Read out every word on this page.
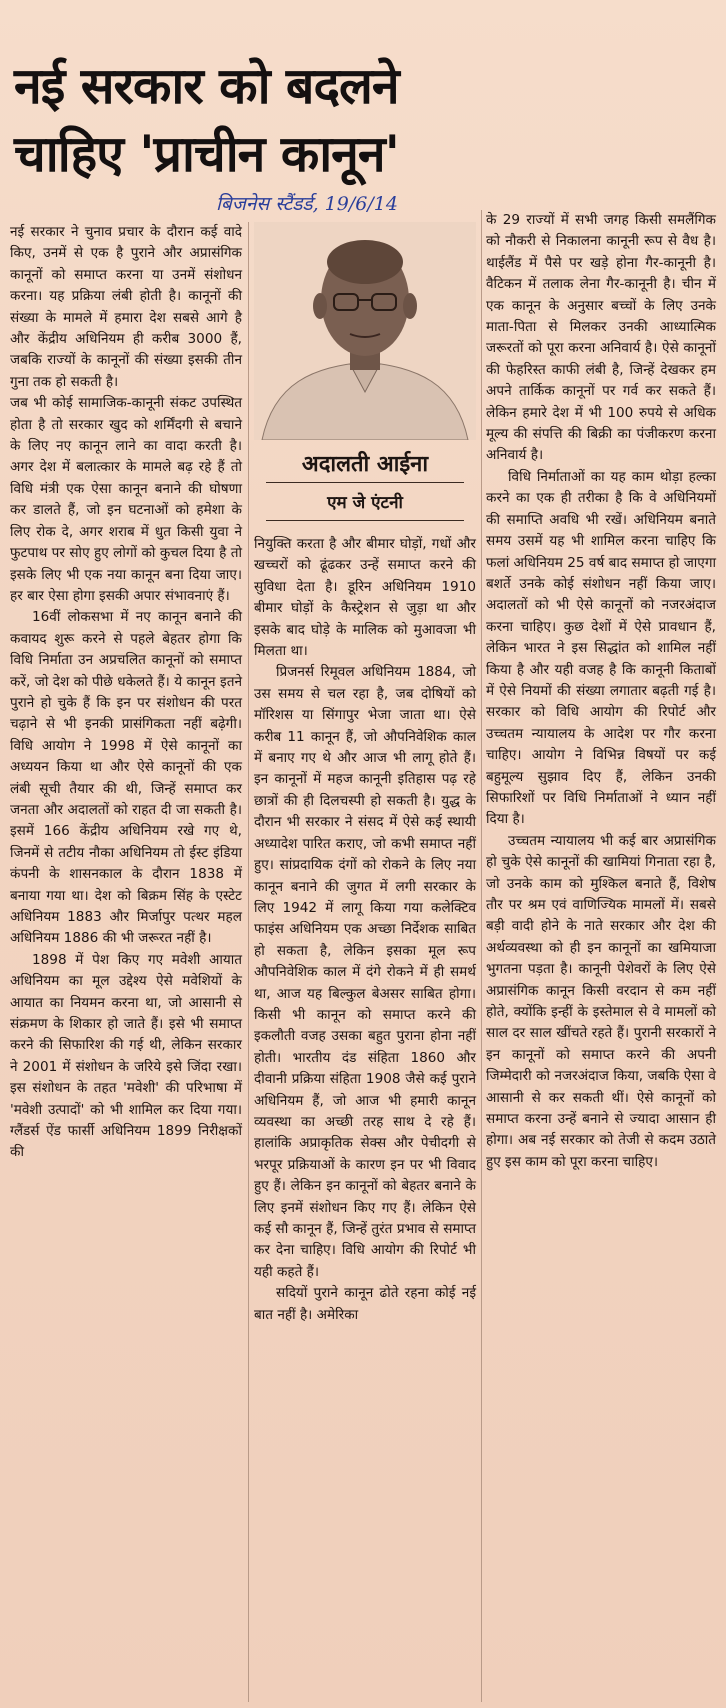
नई सरकार को बदलने
चाहिए 'प्राचीन कानून'
बिजनेस स्टैंडर्ड, 19/6/14
अदालती आईना
एम जे एंटनी

नई सरकार ने चुनाव प्रचार के दौरान कई वादे किए, उनमें से एक है पुराने और अप्रासंगिक कानूनों को समाप्त करना या उनमें संशोधन करना। यह प्रक्रिया लंबी होती है। कानूनों की संख्या के मामले में हमारा देश सबसे आगे है और केंद्रीय अधिनियम ही करीब 3000 हैं, जबकि राज्यों के कानूनों की संख्या इसकी तीन गुना तक हो सकती है।

जब भी कोई सामाजिक-कानूनी संकट उपस्थित होता है तो सरकार खुद को शर्मिंदगी से बचाने के लिए नए कानून लाने का वादा करती है। अगर देश में बलात्कार के मामले बढ़ रहे हैं तो विधि मंत्री एक ऐसा कानून बनाने की घोषणा कर डालते हैं, जो इन घटनाओं को हमेशा के लिए रोक दे, अगर शराब में धुत किसी युवा ने फुटपाथ पर सोए हुए लोगों को कुचल दिया है तो इसके लिए भी एक नया कानून बना दिया जाए। हर बार ऐसा होगा इसकी अपार संभावनाएं हैं।

16वीं लोकसभा में नए कानून बनाने की कवायद शुरू करने से पहले बेहतर होगा कि विधि निर्माता उन अप्रचलित कानूनों को समाप्त करें, जो देश को पीछे धकेलते हैं। ये कानून इतने पुराने हो चुके हैं कि इन पर संशोधन की परत चढ़ाने से भी इनकी प्रासंगिकता नहीं बढ़ेगी। विधि आयोग ने 1998 में ऐसे कानूनों का अध्ययन किया था और ऐसे कानूनों की एक लंबी सूची तैयार की थी, जिन्हें समाप्त कर जनता और अदालतों को राहत दी जा सकती है। इसमें 166 केंद्रीय अधिनियम रखे गए थे, जिनमें से तटीय नौका अधिनियम तो ईस्ट इंडिया कंपनी के शासनकाल के दौरान 1838 में बनाया गया था। देश को बिक्रम सिंह के एस्टेट अधिनियम 1883 और मिर्जापुर पत्थर महल अधिनियम 1886 की भी जरूरत नहीं है।

1898 में पेश किए गए मवेशी आयात अधिनियम का मूल उद्देश्य ऐसे मवेशियों के आयात का नियमन करना था, जो आसानी से संक्रमण के शिकार हो जाते हैं। इसे भी समाप्त करने की सिफारिश की गई थी, लेकिन सरकार ने 2001 में संशोधन के जरिये इसे जिंदा रखा। इस संशोधन के तहत 'मवेशी' की परिभाषा में 'मवेशी उत्पादों' को भी शामिल कर दिया गया। ग्लैंडर्स ऐंड फार्सी अधिनियम 1899 निरीक्षकों की

नियुक्ति करता है और बीमार घोड़ों, गधों और खच्चरों को ढूंढकर उन्हें समाप्त करने की सुविधा देता है। डूरिन अधिनियम 1910 बीमार घोड़ों के कैस्ट्रेशन से जुड़ा था और इसके बाद घोड़े के मालिक को मुआवजा भी मिलता था।

प्रिजनर्स रिमूवल अधिनियम 1884, जो उस समय से चल रहा है, जब दोषियों को मॉरिशस या सिंगापुर भेजा जाता था। ऐसे करीब 11 कानून हैं, जो औपनिवेशिक काल में बनाए गए थे और आज भी लागू होते हैं। इन कानूनों में महज कानूनी इतिहास पढ़ रहे छात्रों की ही दिलचस्पी हो सकती है। युद्ध के दौरान भी सरकार ने संसद में ऐसे कई स्थायी अध्यादेश पारित कराए, जो कभी समाप्त नहीं हुए। सांप्रदायिक दंगों को रोकने के लिए नया कानून बनाने की जुगत में लगी सरकार के लिए 1942 में लागू किया गया कलेक्टिव फाइंस अधिनियम एक अच्छा निर्देशक साबित हो सकता है, लेकिन इसका मूल रूप औपनिवेशिक काल में दंगे रोकने में ही समर्थ था, आज यह बिल्कुल बेअसर साबित होगा। किसी भी कानून को समाप्त करने की इकलौती वजह उसका बहुत पुराना होना नहीं होती। भारतीय दंड संहिता 1860 और दीवानी प्रक्रिया संहिता 1908 जैसे कई पुराने अधिनियम हैं, जो आज भी हमारी कानून व्यवस्था का अच्छी तरह साथ दे रहे हैं। हालांकि अप्राकृतिक सेक्स और पेचीदगी से भरपूर प्रक्रियाओं के कारण इन पर भी विवाद हुए हैं। लेकिन इन कानूनों को बेहतर बनाने के लिए इनमें संशोधन किए गए हैं। लेकिन ऐसे कई सौ कानून हैं, जिन्हें तुरंत प्रभाव से समाप्त कर देना चाहिए। विधि आयोग की रिपोर्ट भी यही कहते हैं।

सदियों पुराने कानून ढोते रहना कोई नई बात नहीं है। अमेरिका

के 29 राज्यों में सभी जगह किसी समलैंगिक को नौकरी से निकालना कानूनी रूप से वैध है। थाईलैंड में पैसे पर खड़े होना गैर-कानूनी है। वैटिकन में तलाक लेना गैर-कानूनी है। चीन में एक कानून के अनुसार बच्चों के लिए उनके माता-पिता से मिलकर उनकी आध्यात्मिक जरूरतों को पूरा करना अनिवार्य है। ऐसे कानूनों की फेहरिस्त काफी लंबी है, जिन्हें देखकर हम अपने तार्किक कानूनों पर गर्व कर सकते हैं। लेकिन हमारे देश में भी 100 रुपये से अधिक मूल्य की संपत्ति की बिक्री का पंजीकरण करना अनिवार्य है।

विधि निर्माताओं का यह काम थोड़ा हल्का करने का एक ही तरीका है कि वे अधिनियमों की समाप्ति अवधि भी रखें। अधिनियम बनाते समय उसमें यह भी शामिल करना चाहिए कि फलां अधिनियम 25 वर्ष बाद समाप्त हो जाएगा बशर्ते उनके कोई संशोधन नहीं किया जाए। अदालतों को भी ऐसे कानूनों को नजरअंदाज करना चाहिए। कुछ देशों में ऐसे प्रावधान हैं, लेकिन भारत ने इस सिद्धांत को शामिल नहीं किया है और यही वजह है कि कानूनी किताबों में ऐसे नियमों की संख्या लगातार बढ़ती गई है। सरकार को विधि आयोग की रिपोर्ट और उच्चतम न्यायालय के आदेश पर गौर करना चाहिए। आयोग ने विभिन्न विषयों पर कई बहुमूल्य सुझाव दिए हैं, लेकिन उनकी सिफारिशों पर विधि निर्माताओं ने ध्यान नहीं दिया है।

उच्चतम न्यायालय भी कई बार अप्रासंगिक हो चुके ऐसे कानूनों की खामियां गिनाता रहा है, जो उनके काम को मुश्किल बनाते हैं, विशेष तौर पर श्रम एवं वाणिज्यिक मामलों में। सबसे बड़ी वादी होने के नाते सरकार और देश की अर्थव्यवस्था को ही इन कानूनों का खमियाजा भुगतना पड़ता है। कानूनी पेशेवरों के लिए ऐसे अप्रासंगिक कानून किसी वरदान से कम नहीं होते, क्योंकि इन्हीं के इस्तेमाल से वे मामलों को साल दर साल खींचते रहते हैं। पुरानी सरकारों ने इन कानूनों को समाप्त करने की अपनी जिम्मेदारी को नजरअंदाज किया, जबकि ऐसा वे आसानी से कर सकती थीं। ऐसे कानूनों को समाप्त करना उन्हें बनाने से ज्यादा आसान ही होगा। अब नई सरकार को तेजी से कदम उठाते हुए इस काम को पूरा करना चाहिए।
